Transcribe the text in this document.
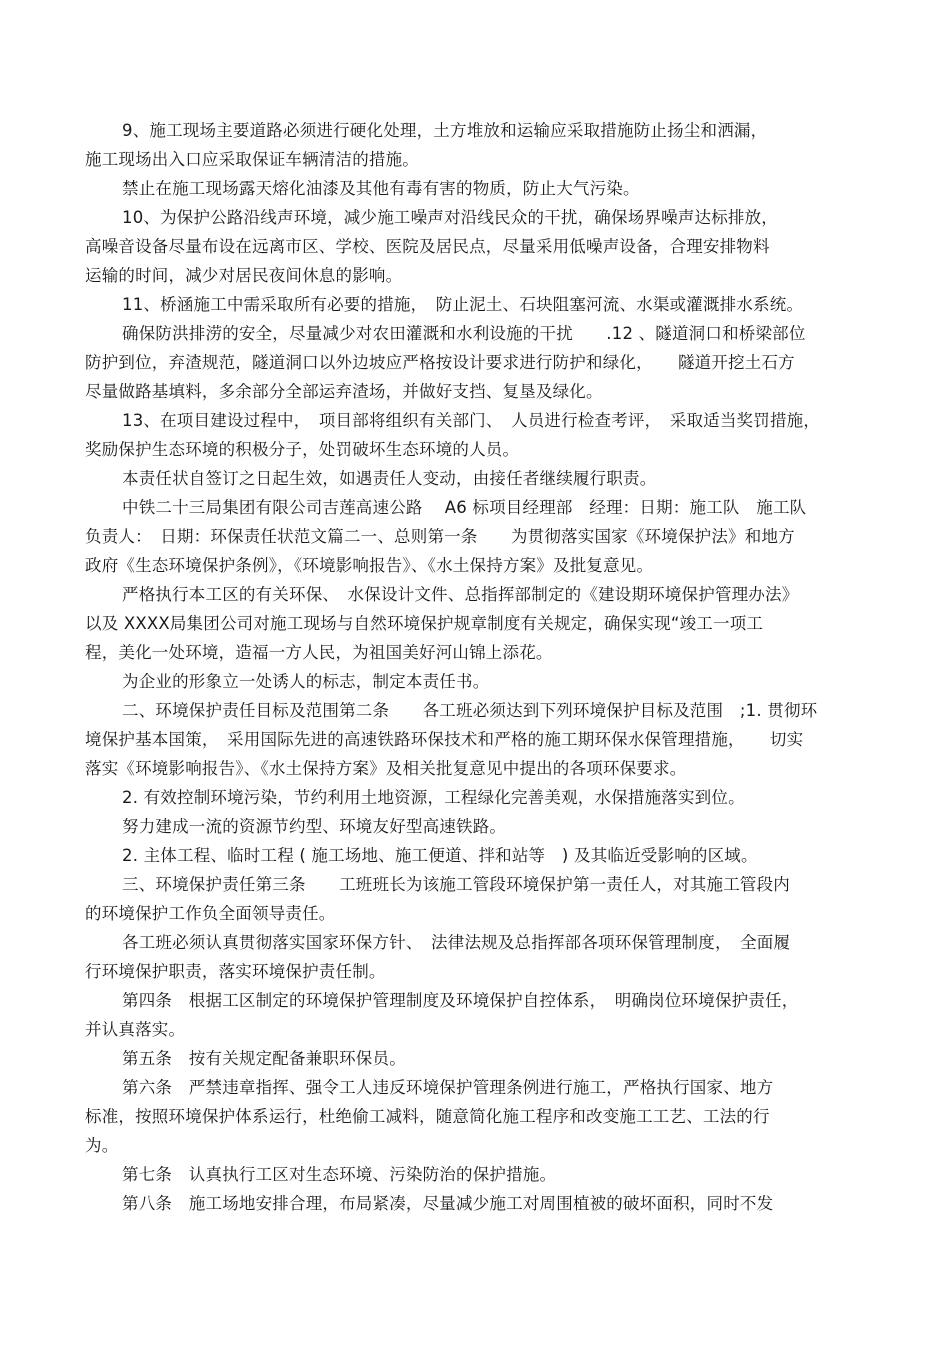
9、施工现场主要道路必须进行硬化处理，土方堆放和运输应采取措施防止扬尘和洒漏，
施工现场出入口应采取保证车辆清洁的措施。
禁止在施工现场露天熔化油漆及其他有毒有害的物质，防止大气污染。
10、为保护公路沿线声环境，减少施工噪声对沿线民众的干扰，确保场界噪声达标排放，
高噪音设备尽量布设在远离市区、学校、医院及居民点，尽量采用低噪声设备，合理安排物料
运输的时间，减少对居民夜间休息的影响。
11、桥涵施工中需采取所有必要的措施，　防止泥土、石块阻塞河流、水渠或灌溉排水系统。
确保防洪排涝的安全，尽量减少对农田灌溉和水利设施的干扰　　.12 、隧道洞口和桥梁部位
防护到位，弃渣规范，隧道洞口以外边坡应严格按设计要求进行防护和绿化，　　隧道开挖土石方
尽量做路基填料，多余部分全部运弃渣场，并做好支挡、复垦及绿化。
13、在项目建设过程中，　项目部将组织有关部门、　人员进行检查考评，　采取适当奖罚措施，
奖励保护生态环境的积极分子，处罚破坏生态环境的人员。
本责任状自签订之日起生效，如遇责任人变动，由接任者继续履行职责。
中铁二十三局集团有限公司吉莲高速公路　 A6 标项目经理部　经理：日期：施工队　施工队
负责人：　日期：环保责任状范文篇二一、总则第一条　　为贯彻落实国家《环境保护法》和地方
政府《生态环境保护条例》，《环境影响报告》、《水土保持方案》及批复意见。
严格执行本工区的有关环保、　水保设计文件、总指挥部制定的《建设期环境保护管理办法》
以及 XXXX局集团公司对施工现场与自然环境保护规章制度有关规定，确保实现“竣工一项工
程，美化一处环境，造福一方人民，为祖国美好河山锦上添花。
为企业的形象立一处诱人的标志，制定本责任书。
二、环境保护责任目标及范围第二条　　各工班必须达到下列环境保护目标及范围　;1. 贯彻环
境保护基本国策，　采用国际先进的高速铁路环保技术和严格的施工期环保水保管理措施，　　切实
落实《环境影响报告》、《水土保持方案》及相关批复意见中提出的各项环保要求。
2. 有效控制环境污染，节约利用土地资源，工程绿化完善美观，水保措施落实到位。
努力建成一流的资源节约型、环境友好型高速铁路。
2. 主体工程、临时工程 ( 施工场地、施工便道、拌和站等　) 及其临近受影响的区域。
三、环境保护责任第三条　　工班班长为该施工管段环境保护第一责任人，对其施工管段内
的环境保护工作负全面领导责任。
各工班必须认真贯彻落实国家环保方针、　法律法规及总指挥部各项环保管理制度，　全面履
行环境保护职责，落实环境保护责任制。
第四条　根据工区制定的环境保护管理制度及环境保护自控体系，　明确岗位环境保护责任，
并认真落实。
第五条　按有关规定配备兼职环保员。
第六条　严禁违章指挥、强令工人违反环境保护管理条例进行施工，严格执行国家、地方
标准，按照环境保护体系运行，杜绝偷工减料，随意简化施工程序和改变施工工艺、工法的行
为。
第七条　认真执行工区对生态环境、污染防治的保护措施。
第八条　施工场地安排合理，布局紧凑，尽量减少施工对周围植被的破坏面积，同时不发
